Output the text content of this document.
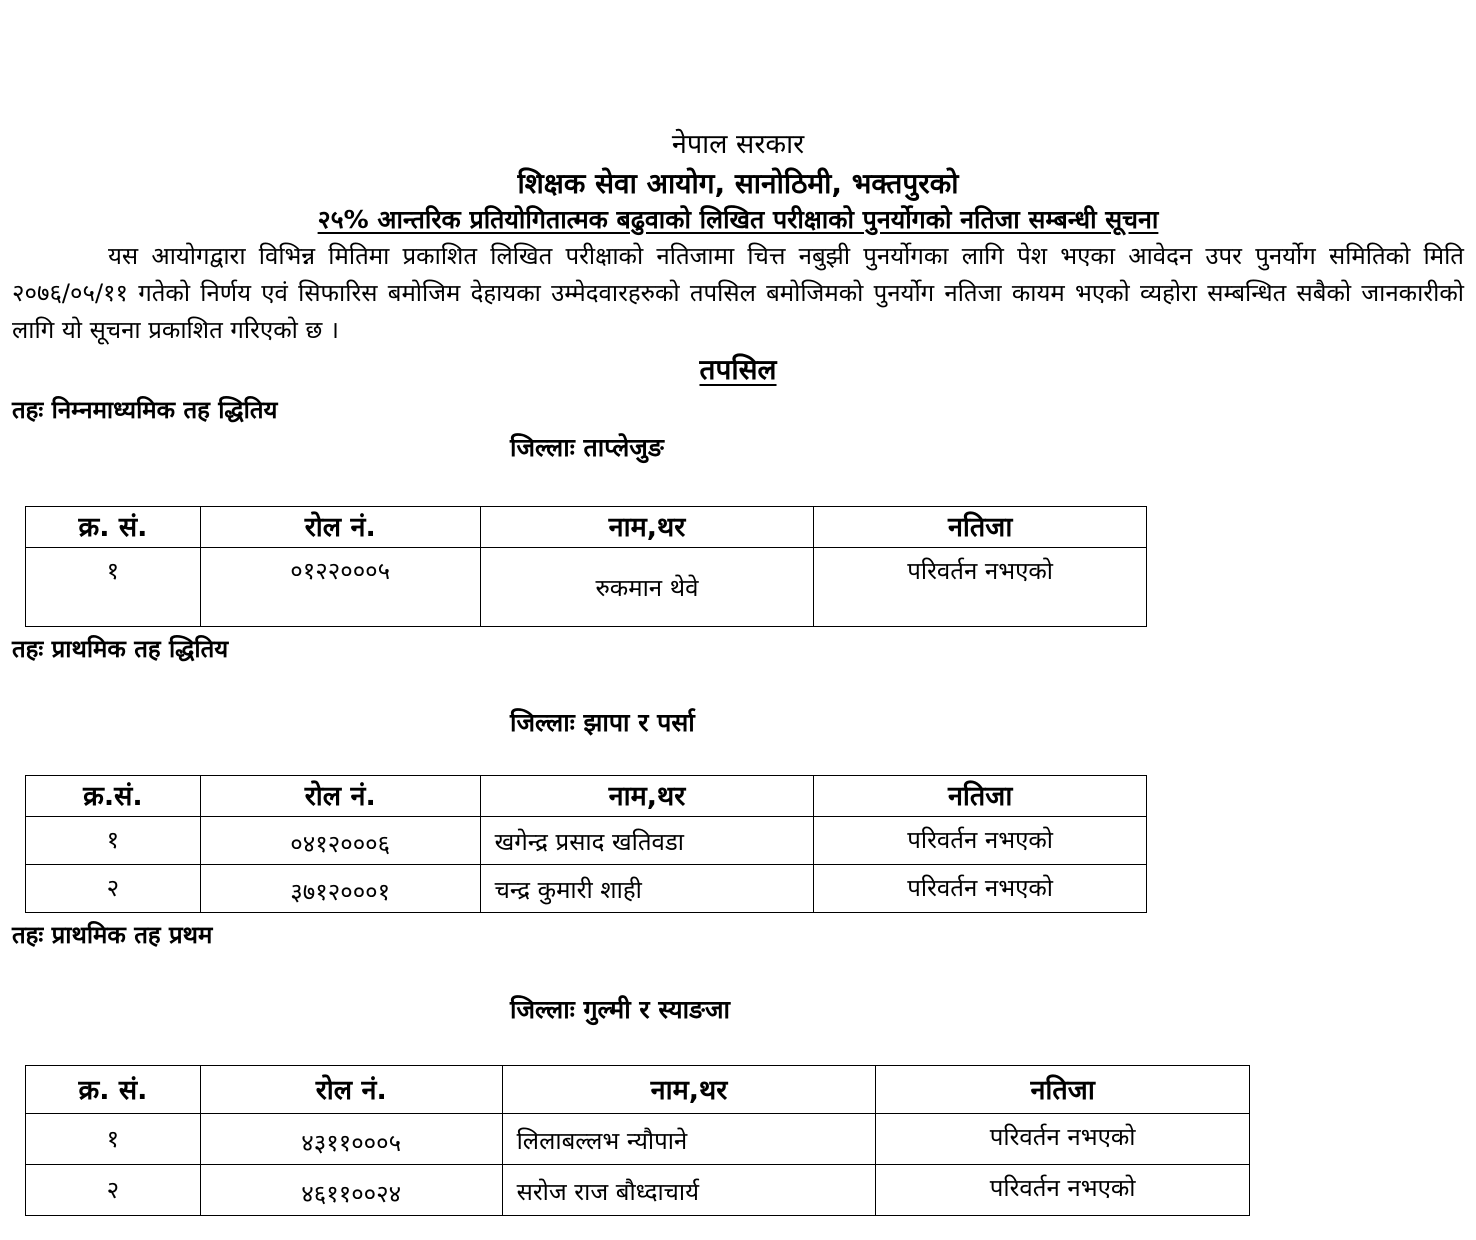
नेपाल सरकार
शिक्षक सेवा आयोग, सानोठिमी, भक्तपुरको
२५% आन्तरिक प्रतियोगितात्मक बढुवाको लिखित परीक्षाको पुनर्योगको नतिजा सम्बन्धी सूचना

यस आयोगद्वारा विभिन्न मितिमा प्रकाशित लिखित परीक्षाको नतिजामा चित्त नबुझी पुनर्योगका लागि पेश भएका आवेदन उपर पुनर्योग समितिको मिति २०७६/०५/११ गतेको निर्णय एवं सिफारिस बमोजिम देहायका उम्मेदवारहरुको तपसिल बमोजिमको पुनर्योग नतिजा कायम भएको व्यहोरा सम्बन्धित सबैको जानकारीको लागि यो सूचना प्रकाशित गरिएको छ ।

तपसिल
तहः निम्नमाध्यमिक तह द्धितिय
जिल्लाः ताप्लेजुङ
क्र. सं.	रोल नं.	नाम,थर	नतिजा
१	०१२२०००५	रुकमान थेवे	परिवर्तन नभएको
तहः प्राथमिक तह द्धितिय
जिल्लाः झापा र पर्सा
क्र.सं.	रोल नं.	नाम,थर	नतिजा
१	०४१२०००६	खगेन्द्र प्रसाद खतिवडा	परिवर्तन नभएको
२	३७१२०००१	चन्द्र कुमारी शाही	परिवर्तन नभएको
तहः प्राथमिक तह प्रथम
जिल्लाः गुल्मी र स्याङजा
क्र. सं.	रोल नं.	नाम,थर	नतिजा
१	४३११०००५	लिलाबल्लभ न्यौपाने	परिवर्तन नभएको
२	४६११००२४	सरोज राज बौध्दाचार्य	परिवर्तन नभएको
